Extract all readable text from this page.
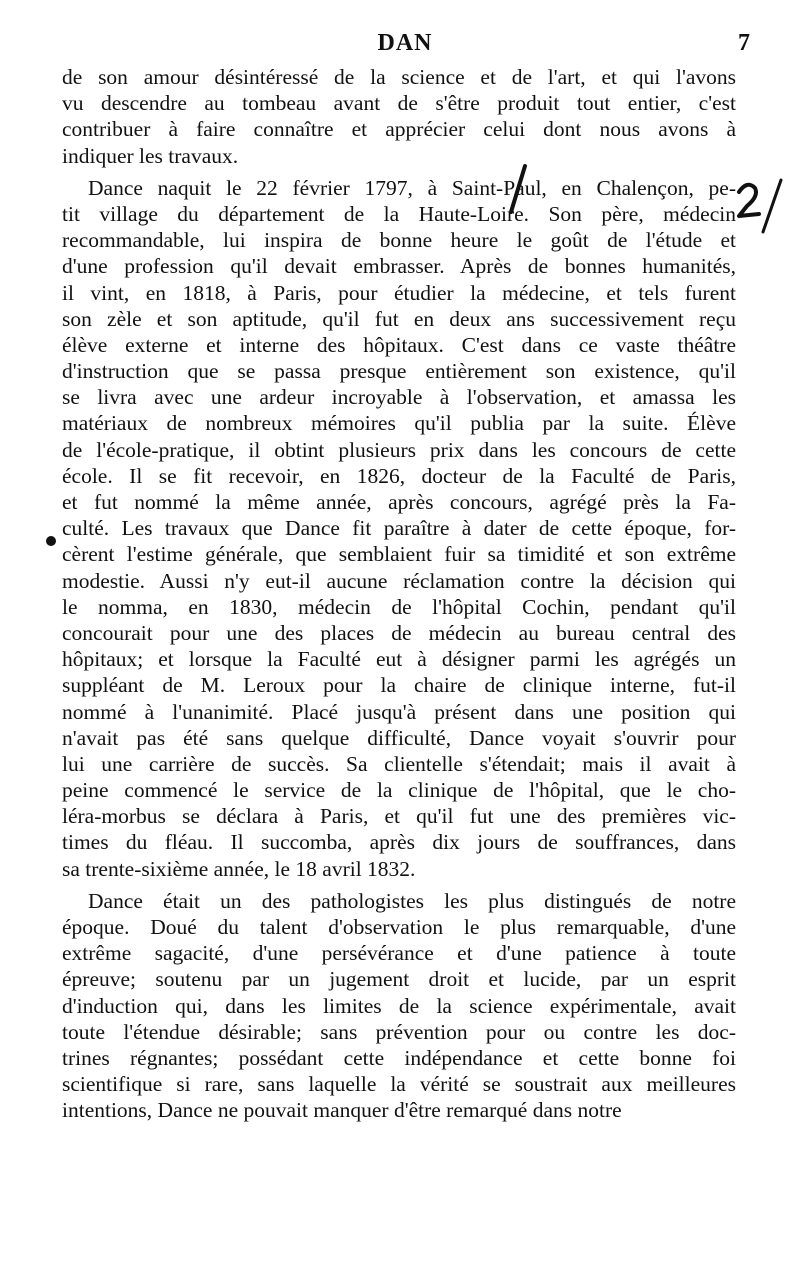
DAN	7
de son amour désintéressé de la science et de l'art, et qui l'avons
vu descendre au tombeau avant de s'être produit tout entier, c'est
contribuer à faire connaître et apprécier celui dont nous avons à
indiquer les travaux.
Dance naquit le 22 février 1797, à Saint-Paul, en Chalençon, pe-
tit village du département de la Haute-Loire. Son père, médecin
recommandable, lui inspira de bonne heure le goût de l'étude et
d'une profession qu'il devait embrasser. Après de bonnes humanités,
il vint, en 1818, à Paris, pour étudier la médecine, et tels furent
son zèle et son aptitude, qu'il fut en deux ans successivement reçu
élève externe et interne des hôpitaux. C'est dans ce vaste théâtre
d'instruction que se passa presque entièrement son existence, qu'il
se livra avec une ardeur incroyable à l'observation, et amassa les
matériaux de nombreux mémoires qu'il publia par la suite. Élève
de l'école-pratique, il obtint plusieurs prix dans les concours de cette
école. Il se fit recevoir, en 1826, docteur de la Faculté de Paris,
et fut nommé la même année, après concours, agrégé près la Fa-
culté. Les travaux que Dance fit paraître à dater de cette époque, for-
cèrent l'estime générale, que semblaient fuir sa timidité et son extrême
modestie. Aussi n'y eut-il aucune réclamation contre la décision qui
le nomma, en 1830, médecin de l'hôpital Cochin, pendant qu'il
concourait pour une des places de médecin au bureau central des
hôpitaux; et lorsque la Faculté eut à désigner parmi les agrégés un
suppléant de M. Leroux pour la chaire de clinique interne, fut-il
nommé à l'unanimité. Placé jusqu'à présent dans une position qui
n'avait pas été sans quelque difficulté, Dance voyait s'ouvrir pour
lui une carrière de succès. Sa clientelle s'étendait; mais il avait à
peine commencé le service de la clinique de l'hôpital, que le cho-
léra-morbus se déclara à Paris, et qu'il fut une des premières vic-
times du fléau. Il succomba, après dix jours de souffrances, dans
sa trente-sixième année, le 18 avril 1832.
Dance était un des pathologistes les plus distingués de notre
époque. Doué du talent d'observation le plus remarquable, d'une
extrême sagacité, d'une persévérance et d'une patience à toute
épreuve; soutenu par un jugement droit et lucide, par un esprit
d'induction qui, dans les limites de la science expérimentale, avait
toute l'étendue désirable; sans prévention pour ou contre les doc-
trines régnantes; possédant cette indépendance et cette bonne foi
scientifique si rare, sans laquelle la vérité se soustrait aux meilleures
intentions, Dance ne pouvait manquer d'être remarqué dans notre
